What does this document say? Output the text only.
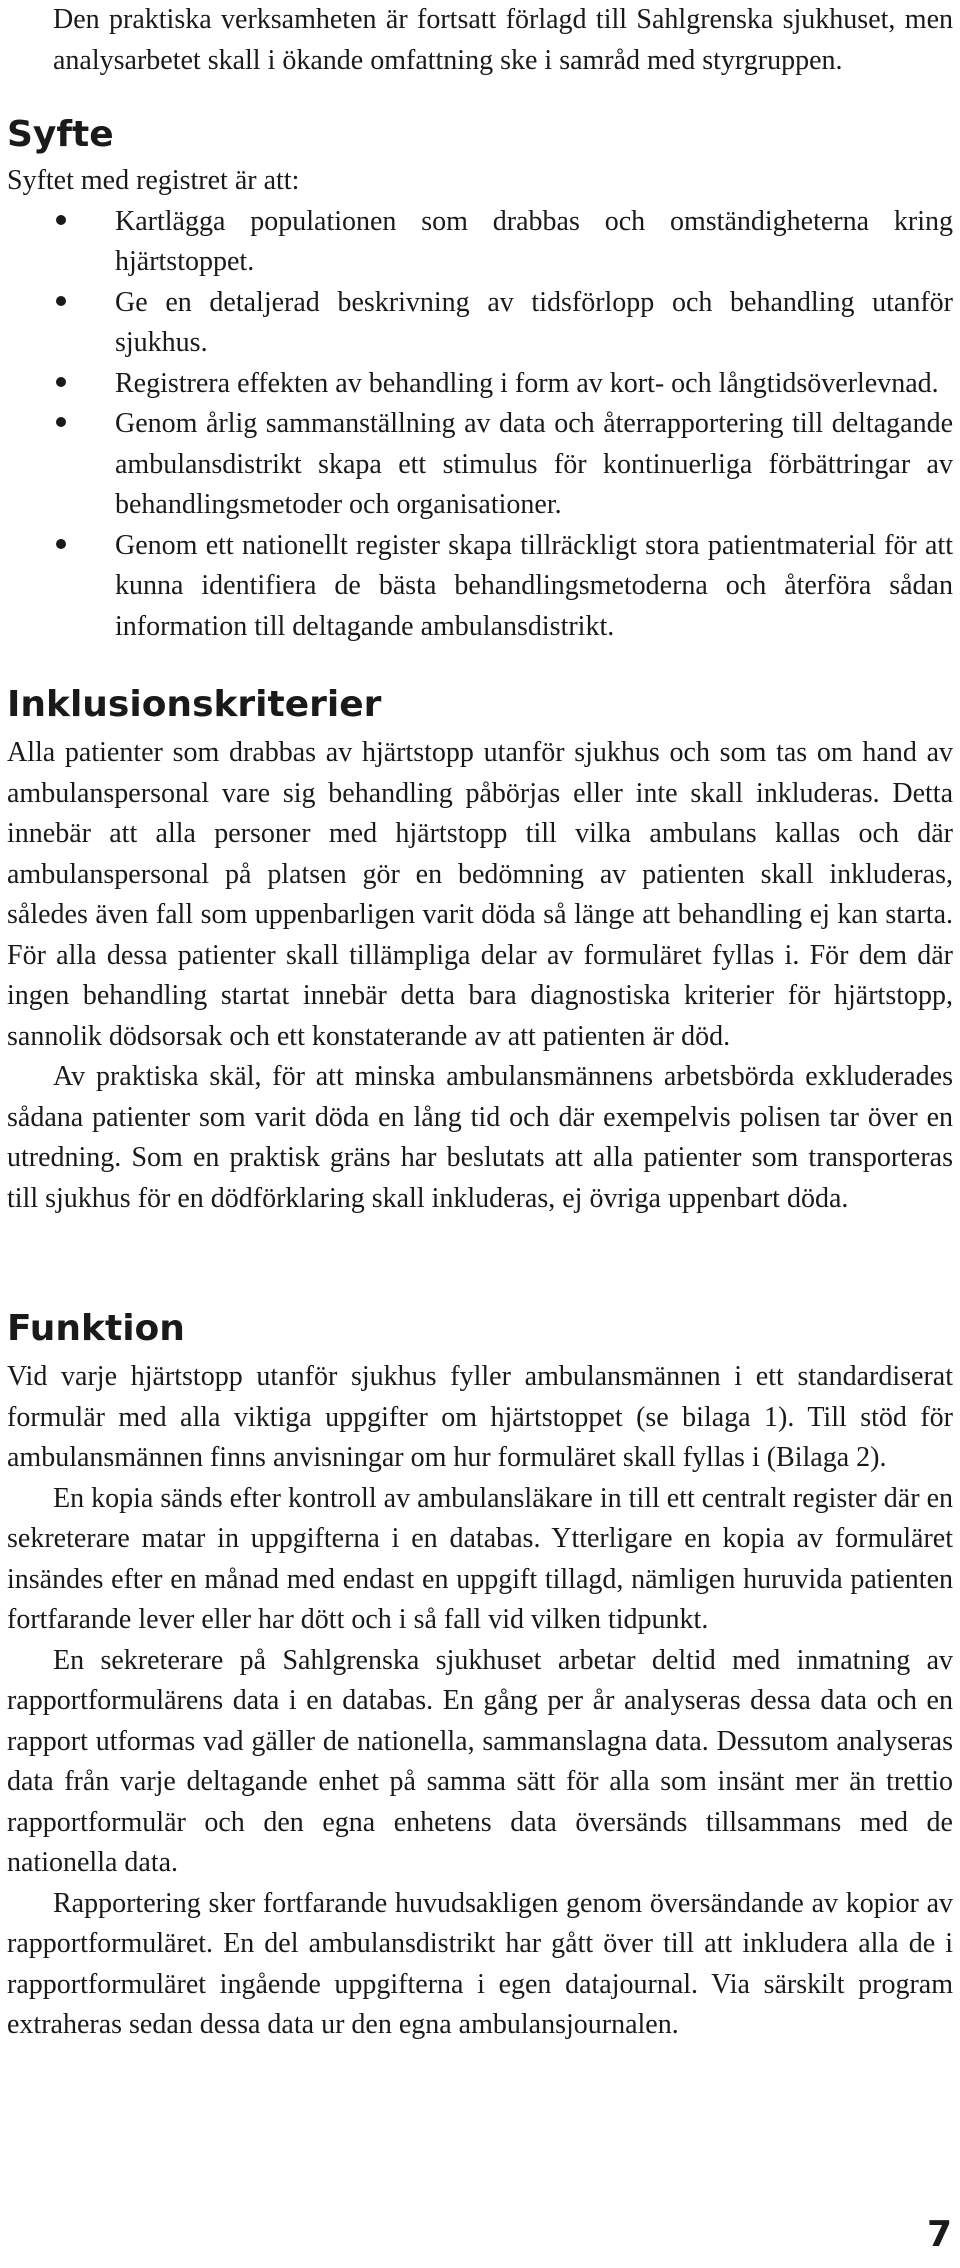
Den praktiska verksamheten är fortsatt förlagd till Sahlgrenska sjukhuset, men analysarbetet skall i ökande omfattning ske i samråd med styrgruppen.

Syfte

Syftet med registret är att:

Kartlägga populationen som drabbas och omständigheterna kring hjärtstoppet.
Ge en detaljerad beskrivning av tidsförlopp och behandling utanför sjukhus.
Registrera effekten av behandling i form av kort- och långtidsöverlevnad.
Genom årlig sammanställning av data och återrapportering till deltagande ambulansdistrikt skapa ett stimulus för kontinuerliga förbättringar av behandlingsmetoder och organisationer.
Genom ett nationellt register skapa tillräckligt stora patientmaterial för att kunna identifiera de bästa behandlingsmetoderna och återföra sådan information till deltagande ambulansdistrikt.
Inklusionskriterier

Alla patienter som drabbas av hjärtstopp utanför sjukhus och som tas om hand av ambulanspersonal vare sig behandling påbörjas eller inte skall inkluderas. Detta innebär att alla personer med hjärtstopp till vilka ambulans kallas och där ambulanspersonal på platsen gör en bedömning av patienten skall inkluderas, således även fall som uppenbarligen varit döda så länge att behandling ej kan starta. För alla dessa patienter skall tillämpliga delar av formuläret fyllas i. För dem där ingen behandling startat innebär detta bara diagnostiska kriterier för hjärtstopp, sannolik dödsorsak och ett konstaterande av att patienten är död.

Av praktiska skäl, för att minska ambulansmännens arbetsbörda exkluderades sådana patienter som varit döda en lång tid och där exempelvis polisen tar över en utredning. Som en praktisk gräns har beslutats att alla patienter som transporteras till sjukhus för en dödförklaring skall inkluderas, ej övriga uppenbart döda.

Funktion

Vid varje hjärtstopp utanför sjukhus fyller ambulansmännen i ett standardiserat formulär med alla viktiga uppgifter om hjärtstoppet (se bilaga 1). Till stöd för ambulansmännen finns anvisningar om hur formuläret skall fyllas i (Bilaga 2).

En kopia sänds efter kontroll av ambulansläkare in till ett centralt register där en sekreterare matar in uppgifterna i en databas. Ytterligare en kopia av formuläret insändes efter en månad med endast en uppgift tillagd, nämligen huruvida patienten fortfarande lever eller har dött och i så fall vid vilken tidpunkt.

En sekreterare på Sahlgrenska sjukhuset arbetar deltid med inmatning av rapportformulärens data i en databas. En gång per år analyseras dessa data och en rapport utformas vad gäller de nationella, sammanslagna data. Dessutom analyseras data från varje deltagande enhet på samma sätt för alla som insänt mer än trettio rapportformulär och den egna enhetens data översänds tillsammans med de nationella data.

Rapportering sker fortfarande huvudsakligen genom översändande av kopior av rapportformuläret. En del ambulansdistrikt har gått över till att inkludera alla de i rapportformuläret ingående uppgifterna i egen datajournal. Via särskilt program extraheras sedan dessa data ur den egna ambulansjournalen.

7
